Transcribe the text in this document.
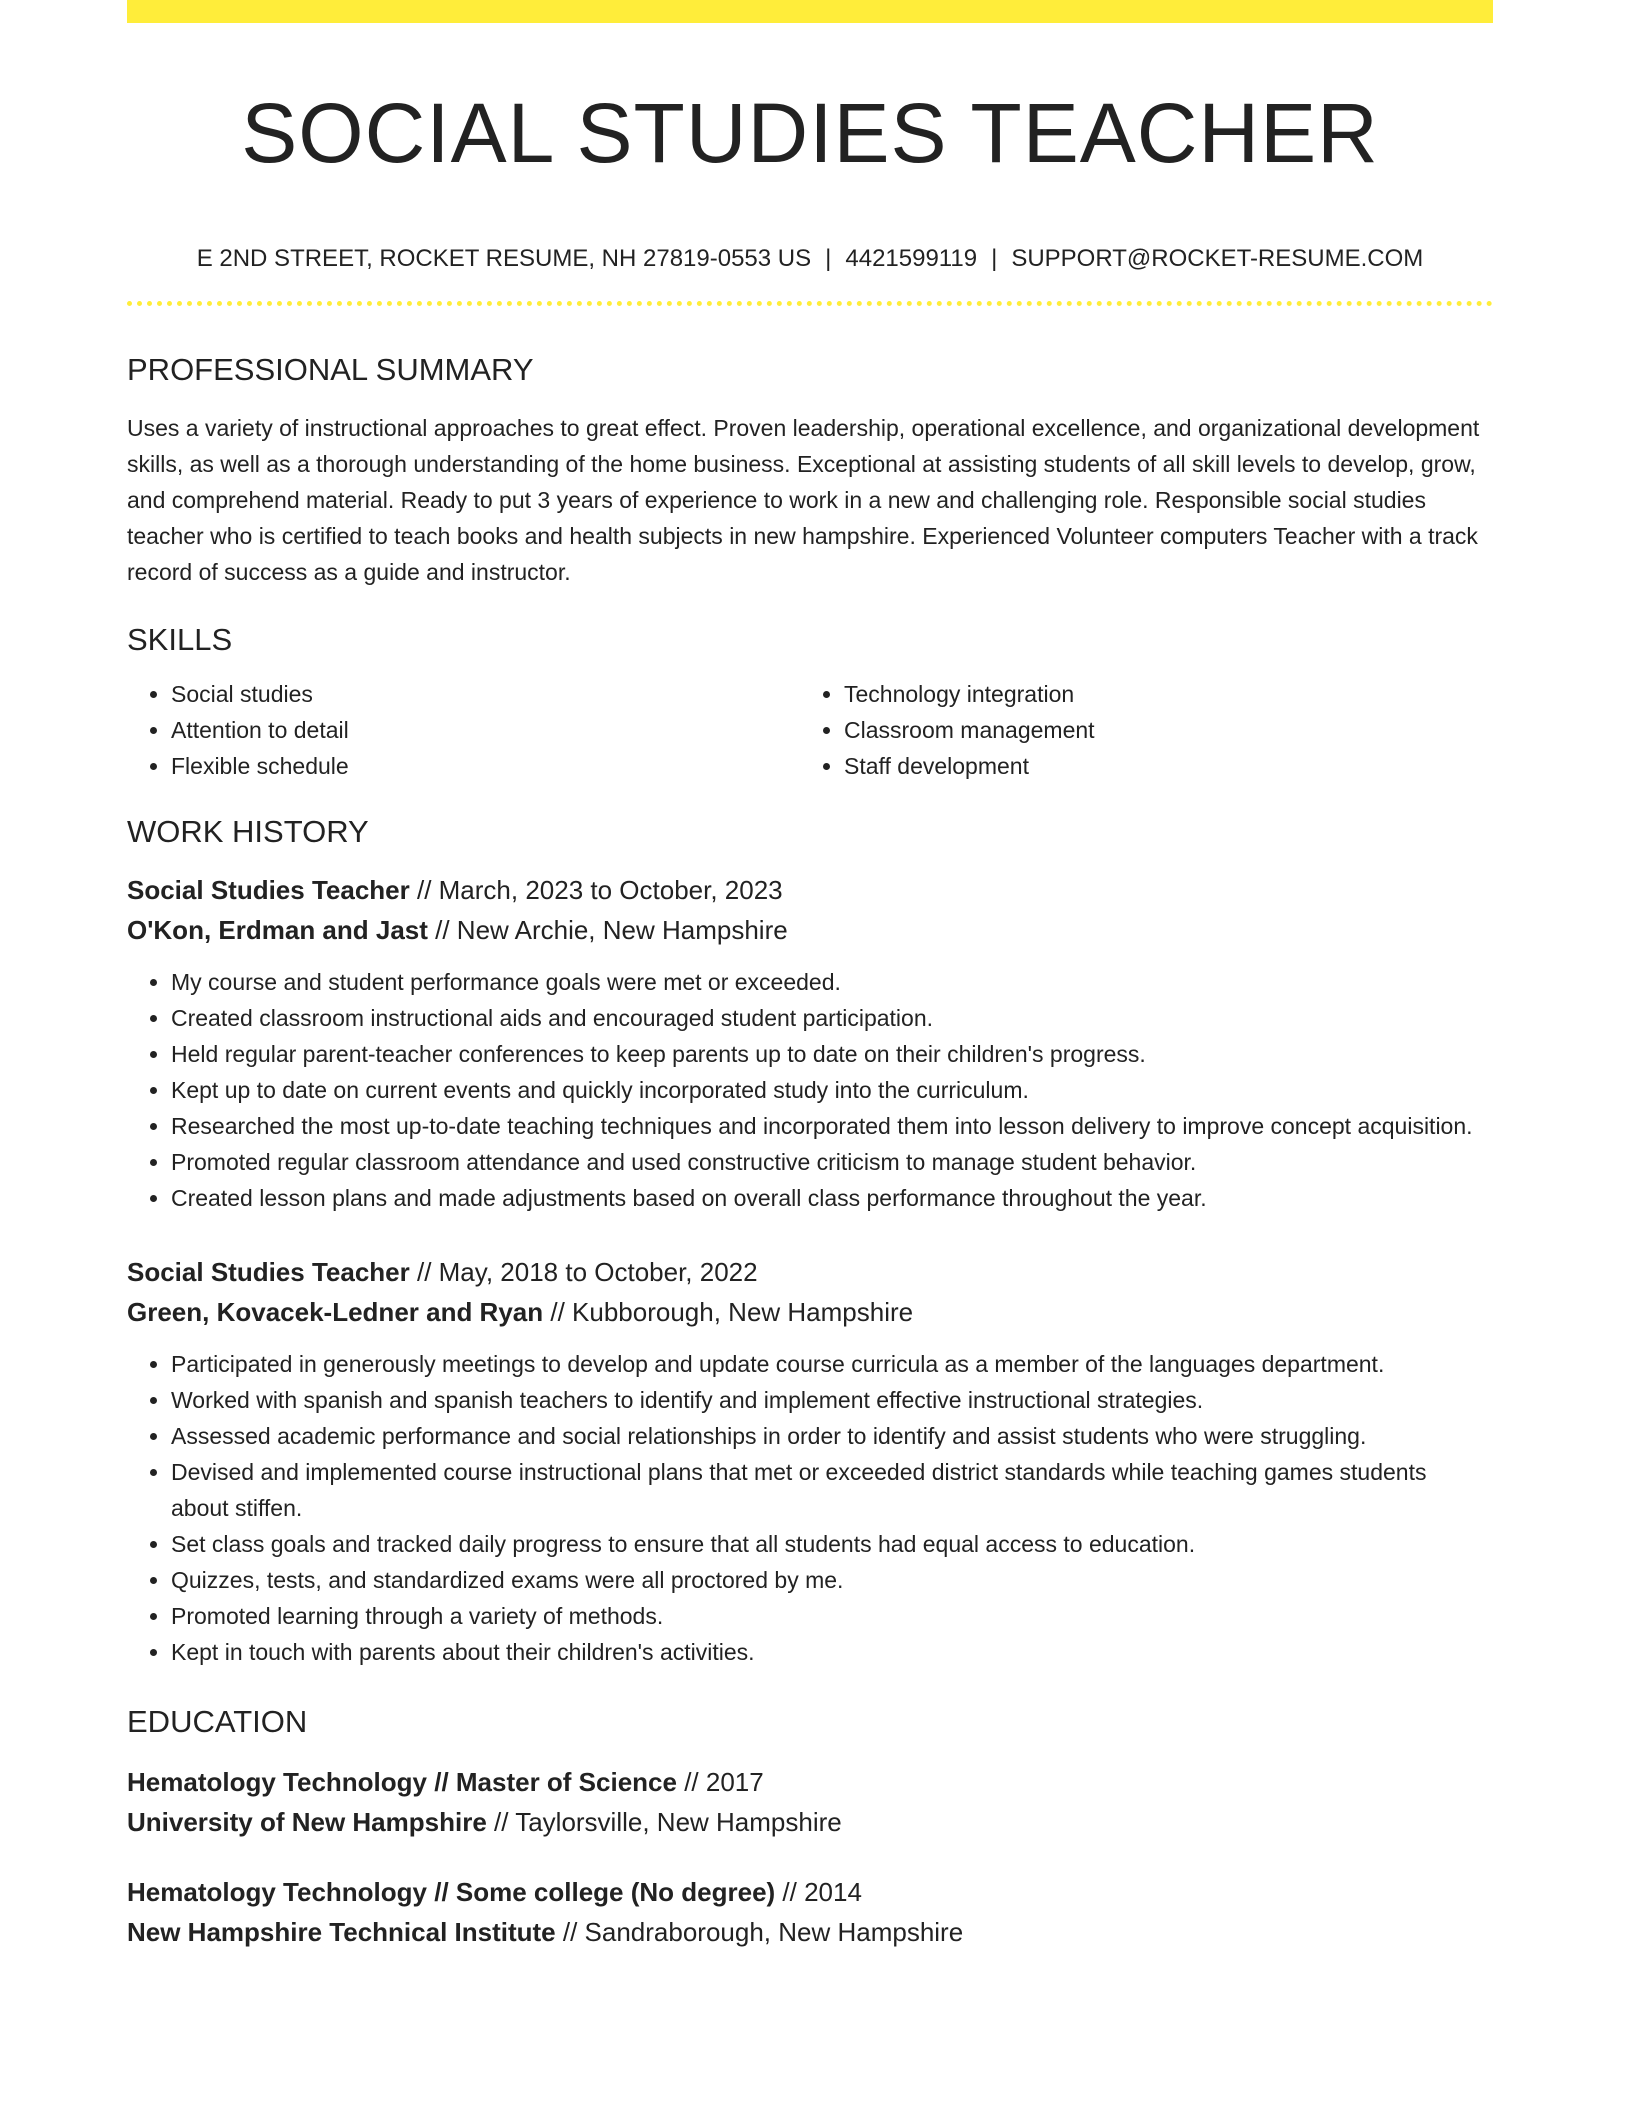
SOCIAL STUDIES TEACHER
E 2ND STREET, ROCKET RESUME, NH 27819-0553 US | 4421599119 | SUPPORT@ROCKET-RESUME.COM
PROFESSIONAL SUMMARY
Uses a variety of instructional approaches to great effect. Proven leadership, operational excellence, and organizational development skills, as well as a thorough understanding of the home business. Exceptional at assisting students of all skill levels to develop, grow, and comprehend material. Ready to put 3 years of experience to work in a new and challenging role. Responsible social studies teacher who is certified to teach books and health subjects in new hampshire. Experienced Volunteer computers Teacher with a track record of success as a guide and instructor.
SKILLS
• Social studies
• Attention to detail
• Flexible schedule
• Technology integration
• Classroom management
• Staff development
WORK HISTORY
Social Studies Teacher // March, 2023 to October, 2023
O'Kon, Erdman and Jast // New Archie, New Hampshire
• My course and student performance goals were met or exceeded.
• Created classroom instructional aids and encouraged student participation.
• Held regular parent-teacher conferences to keep parents up to date on their children's progress.
• Kept up to date on current events and quickly incorporated study into the curriculum.
• Researched the most up-to-date teaching techniques and incorporated them into lesson delivery to improve concept acquisition.
• Promoted regular classroom attendance and used constructive criticism to manage student behavior.
• Created lesson plans and made adjustments based on overall class performance throughout the year.
Social Studies Teacher // May, 2018 to October, 2022
Green, Kovacek-Ledner and Ryan // Kubborough, New Hampshire
• Participated in generously meetings to develop and update course curricula as a member of the languages department.
• Worked with spanish and spanish teachers to identify and implement effective instructional strategies.
• Assessed academic performance and social relationships in order to identify and assist students who were struggling.
• Devised and implemented course instructional plans that met or exceeded district standards while teaching games students about stiffen.
• Set class goals and tracked daily progress to ensure that all students had equal access to education.
• Quizzes, tests, and standardized exams were all proctored by me.
• Promoted learning through a variety of methods.
• Kept in touch with parents about their children's activities.
EDUCATION
Hematology Technology // Master of Science // 2017
University of New Hampshire // Taylorsville, New Hampshire
Hematology Technology // Some college (No degree) // 2014
New Hampshire Technical Institute // Sandraborough, New Hampshire
